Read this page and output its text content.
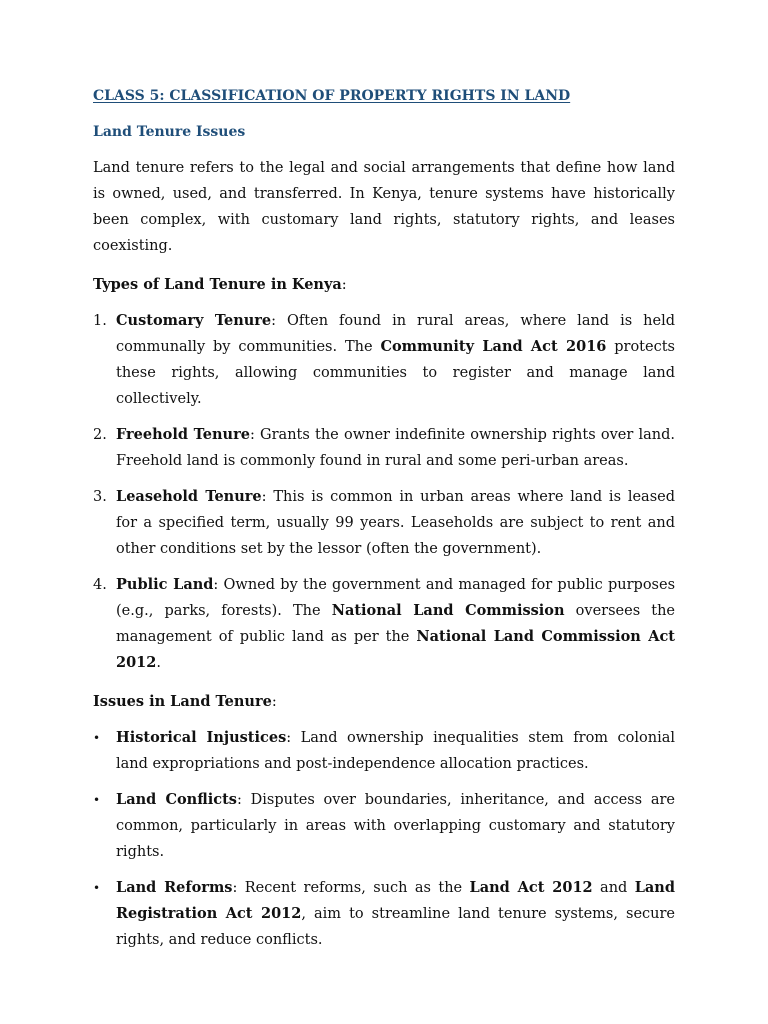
CLASS 5: CLASSIFICATION OF PROPERTY RIGHTS IN LAND
Land Tenure Issues

Land tenure refers to the legal and social arrangements that define how land is owned, used, and transferred. In Kenya, tenure systems have historically been complex, with customary land rights, statutory rights, and leases coexisting.

Types of Land Tenure in Kenya:
1. Customary Tenure: Often found in rural areas, where land is held communally by communities. The Community Land Act 2016 protects these rights, allowing communities to register and manage land collectively.
2. Freehold Tenure: Grants the owner indefinite ownership rights over land. Freehold land is commonly found in rural and some peri-urban areas.
3. Leasehold Tenure: This is common in urban areas where land is leased for a specified term, usually 99 years. Leaseholds are subject to rent and other conditions set by the lessor (often the government).
4. Public Land: Owned by the government and managed for public purposes (e.g., parks, forests). The National Land Commission oversees the management of public land as per the National Land Commission Act 2012.
Issues in Land Tenure:
• Historical Injustices: Land ownership inequalities stem from colonial land expropriations and post-independence allocation practices.
• Land Conflicts: Disputes over boundaries, inheritance, and access are common, particularly in areas with overlapping customary and statutory rights.
• Land Reforms: Recent reforms, such as the Land Act 2012 and Land Registration Act 2012, aim to streamline land tenure systems, secure rights, and reduce conflicts.
